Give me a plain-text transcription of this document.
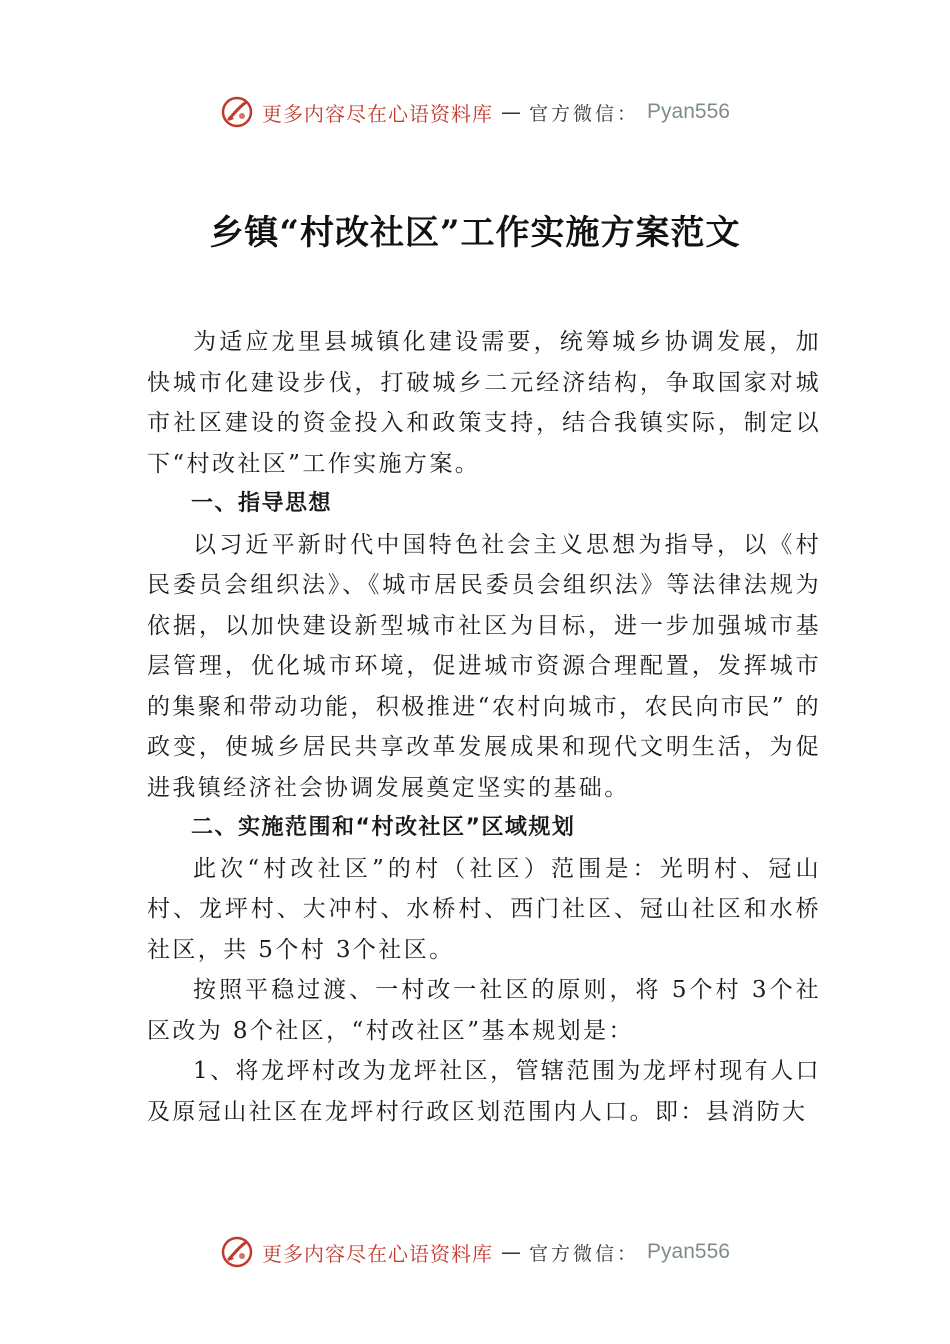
更多内容尽在心语资料库 — 官方微信： Pyan556
乡镇“村改社区”工作实施方案范文

为适应龙里县城镇化建设需要，统筹城乡协调发展，加快城市化建设步伐，打破城乡二元经济结构，争取国家对城市社区建设的资金投入和政策支持，结合我镇实际，制定以下“村改社区”工作实施方案。

一、指导思想

以习近平新时代中国特色社会主义思想为指导，以《村民委员会组织法》、《城市居民委员会组织法》等法律法规为依据，以加快建设新型城市社区为目标，进一步加强城市基层管理，优化城市环境，促进城市资源合理配置，发挥城市的集聚和带动功能，积极推进“农村向城市，农民向市民” 的政变，使城乡居民共享改革发展成果和现代文明生活，为促进我镇经济社会协调发展奠定坚实的基础。

二、实施范围和“村改社区”区域规划

此次“村改社区”的村（社区）范围是：光明村、冠山村、龙坪村、大冲村、水桥村、西门社区、冠山社区和水桥社区，共 5个村 3个社区。

按照平稳过渡、一村改一社区的原则，将 5个村 3个社区改为 8个社区，“村改社区”基本规划是：

1、将龙坪村改为龙坪社区，管辖范围为龙坪村现有人口及原冠山社区在龙坪村行政区划范围内人口。即：县消防大

更多内容尽在心语资料库 — 官方微信： Pyan556
